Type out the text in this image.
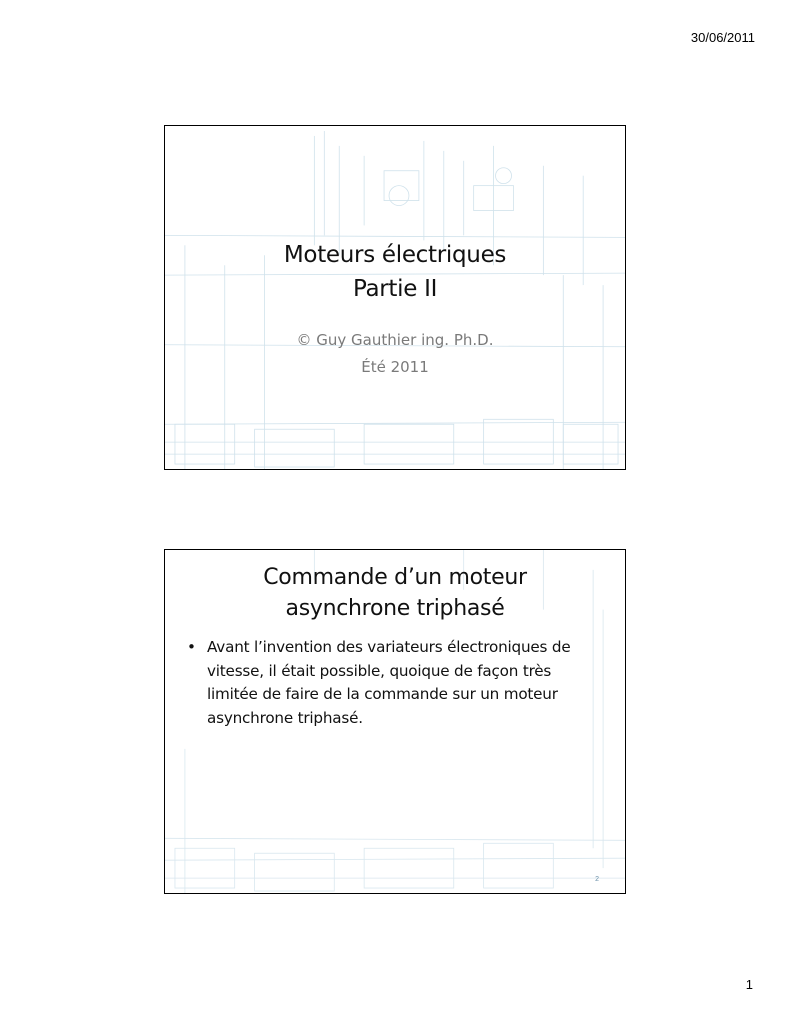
30/06/2011
Moteurs électriques
Partie II
© Guy Gauthier ing. Ph.D.
Été 2011
Commande d’un moteur
asynchrone triphasé
• Avant l’invention des variateurs électroniques de vitesse, il était possible, quoique de façon très limitée de faire de la commande sur un moteur asynchrone triphasé.
2
1
